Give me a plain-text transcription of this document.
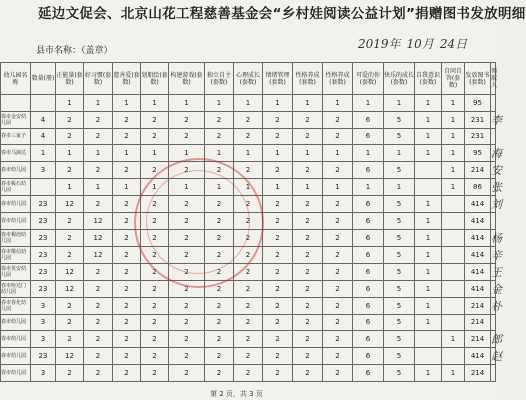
延边文促会、北京山花工程慈善基金会“乡村娃阅读公益计划”捐赠图书发放明细
县市名称：（盖章）	2019年 10月 24日
幼儿园名称	数量(册)	正能量(套数)	好习惯(套数)	慈善爱(套数)	划船绘(套数)	构建游戏(套数)	独立自主(套数)	心理成长(套数)	情绪管理(套数)	性格养成(套数)	性格养成(套数)	可爱的你(套数)	快乐的成长(套数)	自我意识(套数)	自问自答(套数)	发放图书(套数)	领取人
		1	1	1	1	1	1	1	1	1	1	1	1	1	1	95	
春市金安幼儿园	4	2	2	2	2	2	2	2	2	2	2	6	5	1	1	231	李
春市三家子	4	2	2	2	2	2	2	2	2	2	2	6	5	1	1	231	
春市马滴达	1	1	1	1	1	1	1	1	1	1	1	1	1	1	1	95	海
春市幼儿园	3	2	2	2	2	2	2	2	2	2	2	6	5		1	214	安
春市板石幼儿园		1	1	1	1	1	1	1	1	1	1	1	1		1	86	张
春市幼儿园	23	12	2	2	2	2	2	2	2	2	2	6	5	1		414	刘
春市幼儿园	23	2	12	2	2	2	2	2	2	2	2	6	5	1		414	
春市楊泡幼儿园	23	2	12	2	2	2	2	2	2	2	2	6	5	1		414	杨
春市敬信幼儿园	23	2	12	2	2	2	2	2	2	2	2	6	5	1		414	辛
春市英安幼儿园	23	12	2	2	2	2	2	2	2	2	2	6	5	1		414	王
春市哈达门幼儿园	23	12	2	2	2	2	2	2	2	2	2	6	5	1		414	金
春市春化幼儿园	3	2	2	2	2	2	2	2	2	2	2	6	5	1		214	朴
春市幼儿园	3	2	2	2	2	2	2	2	2	2	2	6	5	1		214	
春市幼儿园	3	2	2	2	2	2	2	2	2	2	2	6	5		1	214	郎
春市幼儿园	23	12	2	2	2	2	2	2	2	2	2	6	5			414	赵
春市幼儿园	3	2	2	2	2	2	2	2	2	2	2	6	5	1	1	214	
第 2 页，共 3 页
